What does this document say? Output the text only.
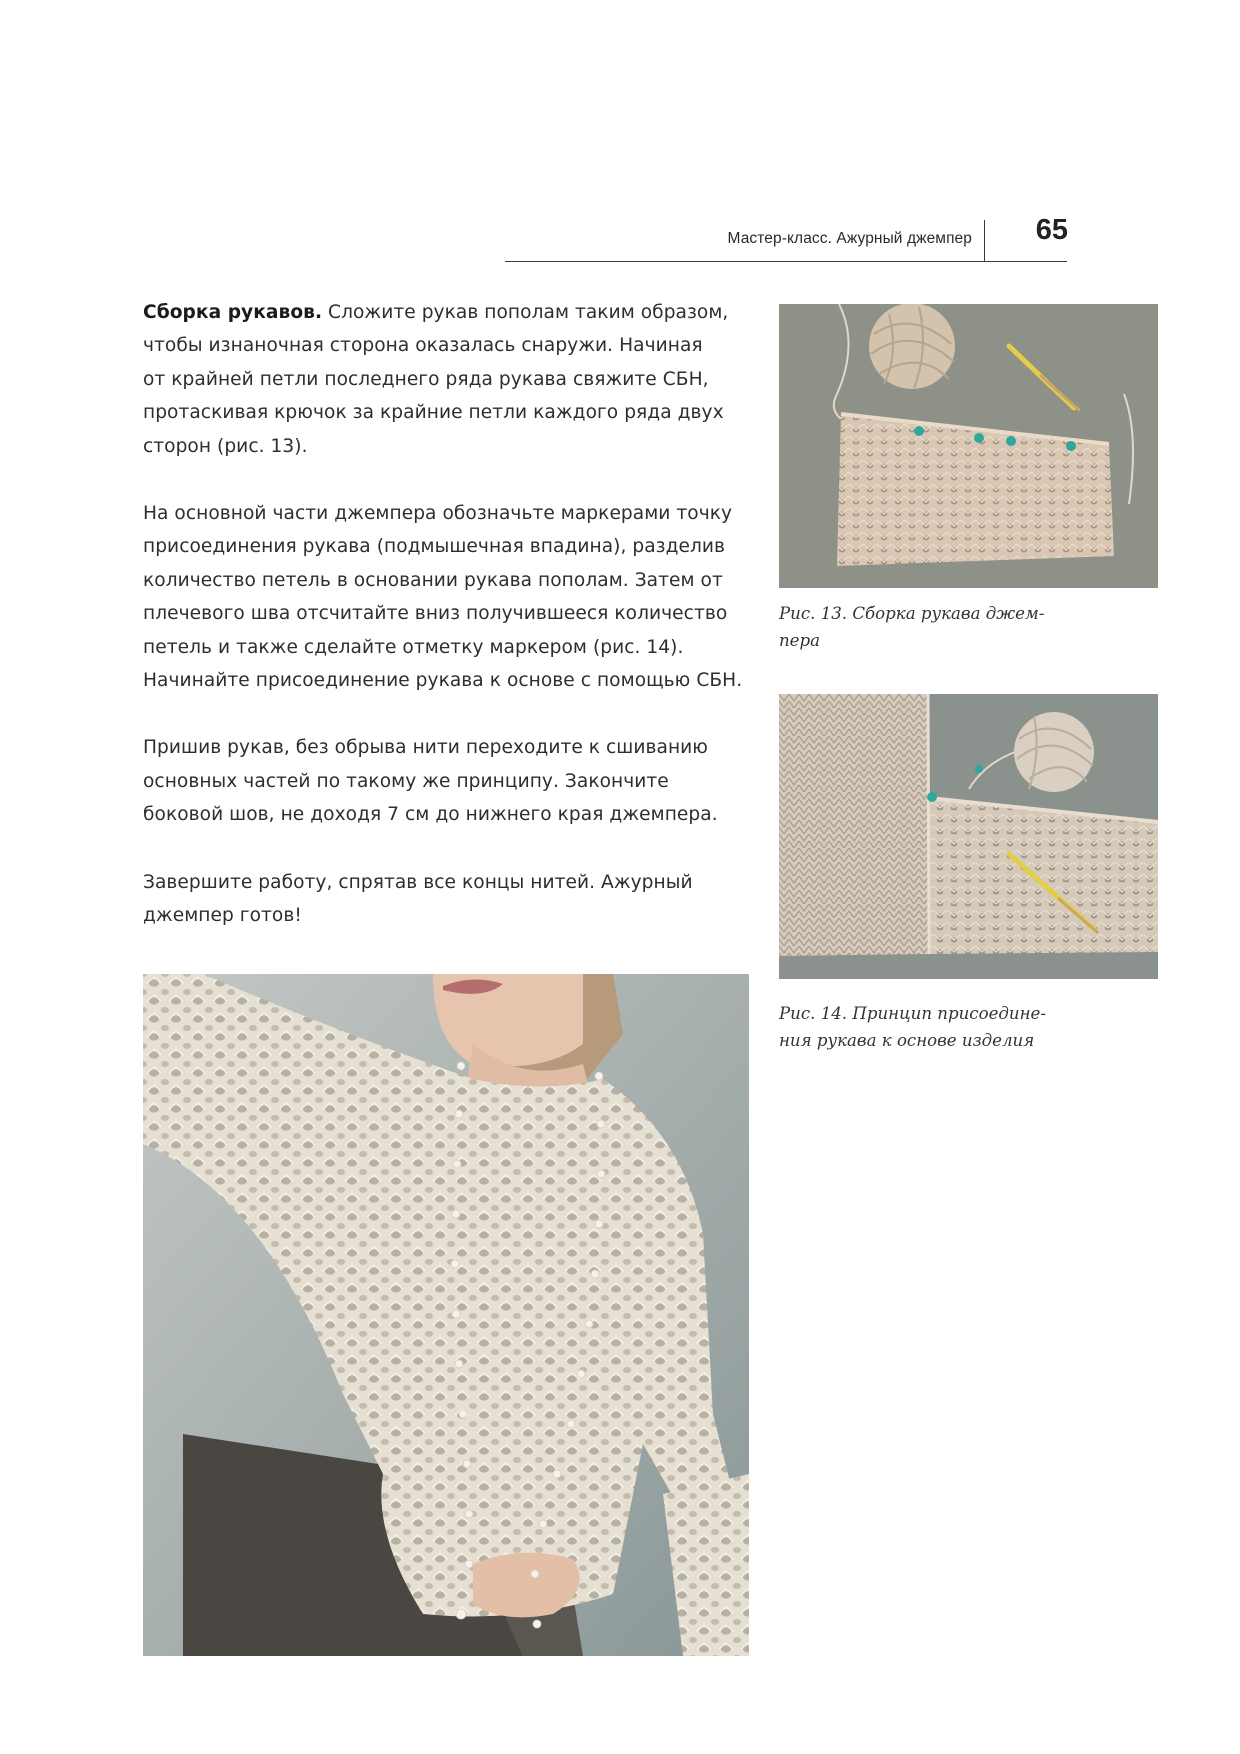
Мастер-класс. Ажурный джемпер	65

Сборка рукавов. Сложите рукав пополам таким образом,
чтобы изнаночная сторона оказалась снаружи. Начиная
от крайней петли последнего ряда рукава свяжите СБН,
протаскивая крючок за крайние петли каждого ряда двух
сторон (рис. 13).

На основной части джемпера обозначьте маркерами точку
присоединения рукава (подмышечная впадина), разделив
количество петель в основании рукава пополам. Затем от
плечевого шва отсчитайте вниз получившееся количество
петель и также сделайте отметку маркером (рис. 14).
Начинайте присоединение рукава к основе с помощью СБН.

Пришив рукав, без обрыва нити переходите к сшиванию
основных частей по такому же принципу. Закончите
боковой шов, не доходя 7 см до нижнего края джемпера.

Завершите работу, спрятав все концы нитей. Ажурный
джемпер готов!

Рис. 13. Сборка рукава джем-
пера
Рис. 14. Принцип присоедине-
ния рукава к основе изделия
